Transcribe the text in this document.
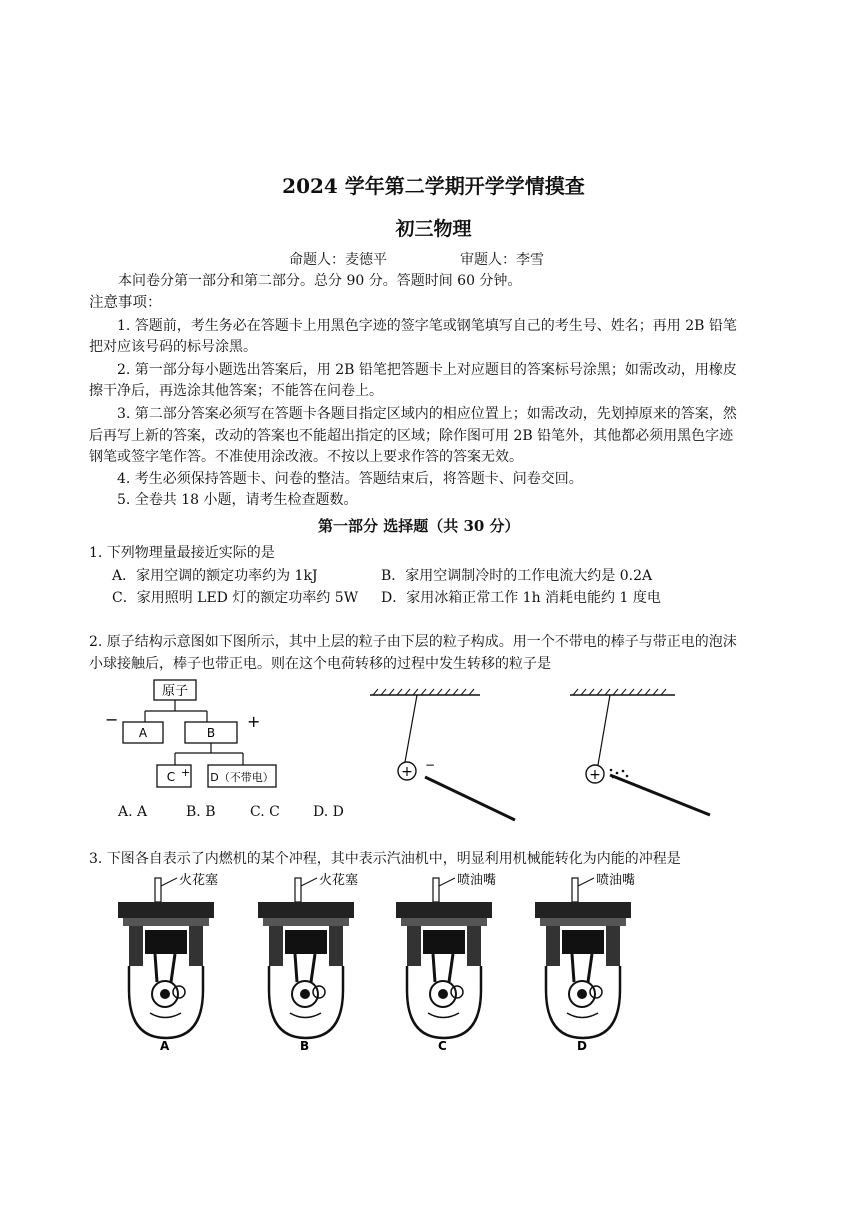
2024 学年第二学期开学学情摸查
初三物理
命题人：麦德平	审题人：李雪
本问卷分第一部分和第二部分。总分 90 分。答题时间 60 分钟。
注意事项：
1. 答题前，考生务必在答题卡上用黑色字迹的签字笔或钢笔填写自己的考生号、姓名；再用 2B 铅笔
把对应该号码的标号涂黑。
2. 第一部分每小题选出答案后，用 2B 铅笔把答题卡上对应题目的答案标号涂黑；如需改动，用橡皮
擦干净后，再选涂其他答案；不能答在问卷上。
3. 第二部分答案必须写在答题卡各题目指定区域内的相应位置上；如需改动，先划掉原来的答案，然
后再写上新的答案，改动的答案也不能超出指定的区域；除作图可用 2B 铅笔外，其他都必须用黑色字迹
钢笔或签字笔作答。不准使用涂改液。不按以上要求作答的答案无效。
4. 考生必须保持答题卡、问卷的整洁。答题结束后，将答题卡、问卷交回。
5. 全卷共 18 小题，请考生检查题数。
第一部分 选择题（共 30 分）
1. 下列物理量最接近实际的是
A．家用空调的额定功率约为 1kJ	B．家用空调制冷时的工作电流大约是 0.2A
C．家用照明 LED 灯的额定功率约 5W D．家用冰箱正常工作 1h 消耗电能约 1 度电
2. 原子结构示意图如下图所示，其中上层的粒子由下层的粒子构成。用一个不带电的棒子与带正电的泡沫
小球接触后，棒子也带正电。则在这个电荷转移的过程中发生转移的粒子是
原子
A	B
−	+
C + D（不带电）	+ −
+
A. A	B. B C. C D. D
3. 下图各自表示了内燃机的某个冲程，其中表示汽油机中，明显利用机械能转化为内能的冲程是
火花塞
A
火花塞
B
喷油嘴
C
喷油嘴
D
